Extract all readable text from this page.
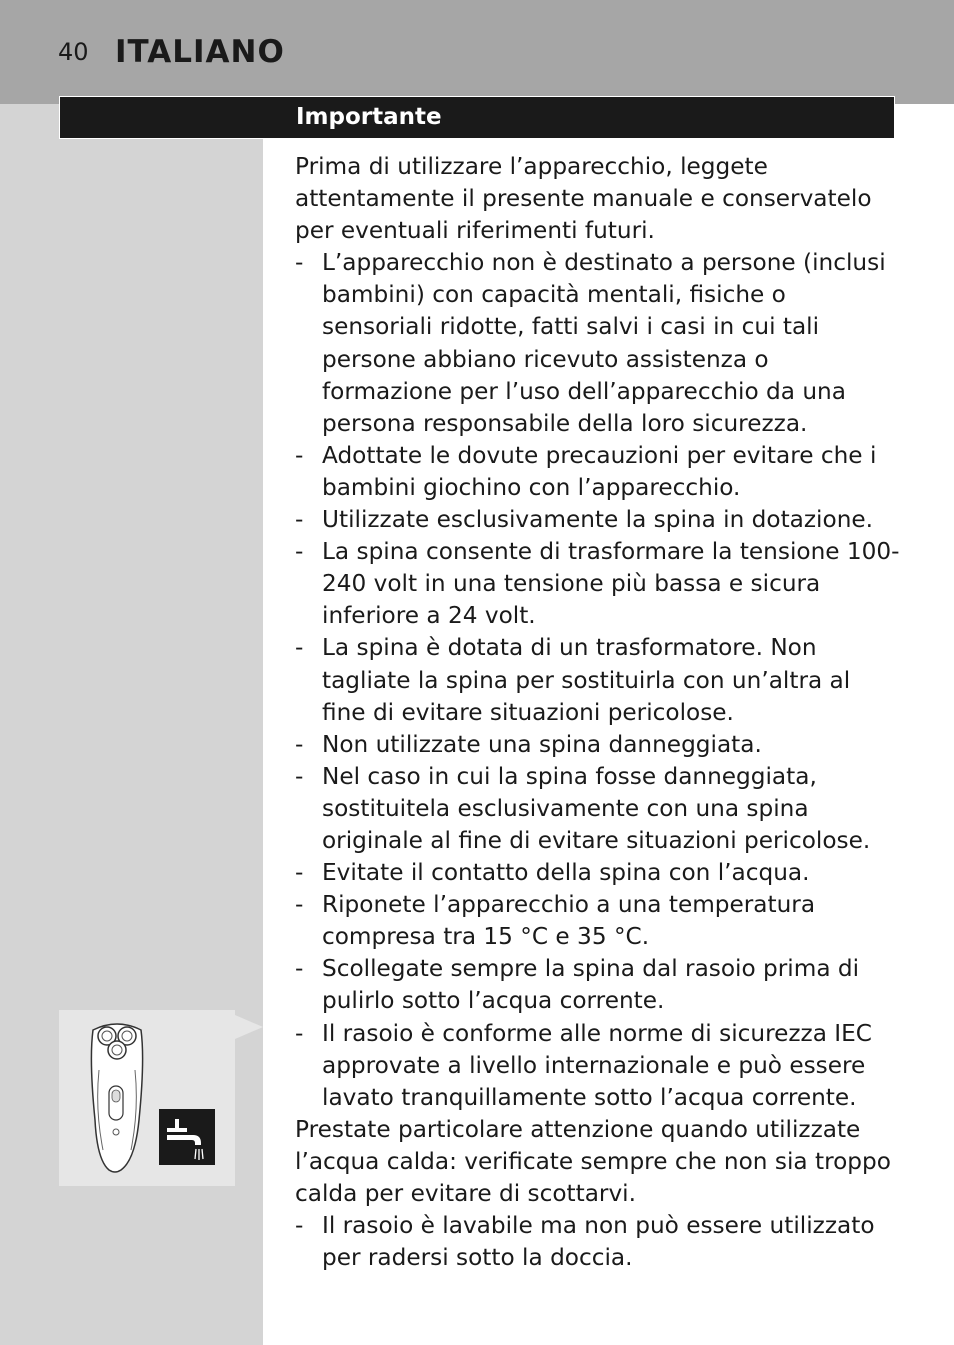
40 ITALIANO
Importante

Prima di utilizzare l’apparecchio, leggete attentamente il presente manuale e conservatelo per eventuali riferimenti futuri.

- L’apparecchio non è destinato a persone (inclusi bambini) con capacità mentali, fisiche o sensoriali ridotte, fatti salvi i casi in cui tali persone abbiano ricevuto assistenza o formazione per l’uso dell’apparecchio da una persona responsabile della loro sicurezza.
- Adottate le dovute precauzioni per evitare che i bambini giochino con l’apparecchio.
- Utilizzate esclusivamente la spina in dotazione.
- La spina consente di trasformare la tensione 100-240 volt in una tensione più bassa e sicura inferiore a 24 volt.
- La spina è dotata di un trasformatore. Non tagliate la spina per sostituirla con un’altra al fine di evitare situazioni pericolose.
- Non utilizzate una spina danneggiata.
- Nel caso in cui la spina fosse danneggiata, sostituitela esclusivamente con una spina originale al fine di evitare situazioni pericolose.
- Evitate il contatto della spina con l’acqua.
- Riponete l’apparecchio a una temperatura compresa tra 15 °C e 35 °C.
- Scollegate sempre la spina dal rasoio prima di pulirlo sotto l’acqua corrente.
- Il rasoio è conforme alle norme di sicurezza IEC approvate a livello internazionale e può essere lavato tranquillamente sotto l’acqua corrente.

Prestate particolare attenzione quando utilizzate l’acqua calda: verificate sempre che non sia troppo calda per evitare di scottarvi.

- Il rasoio è lavabile ma non può essere utilizzato per radersi sotto la doccia.
